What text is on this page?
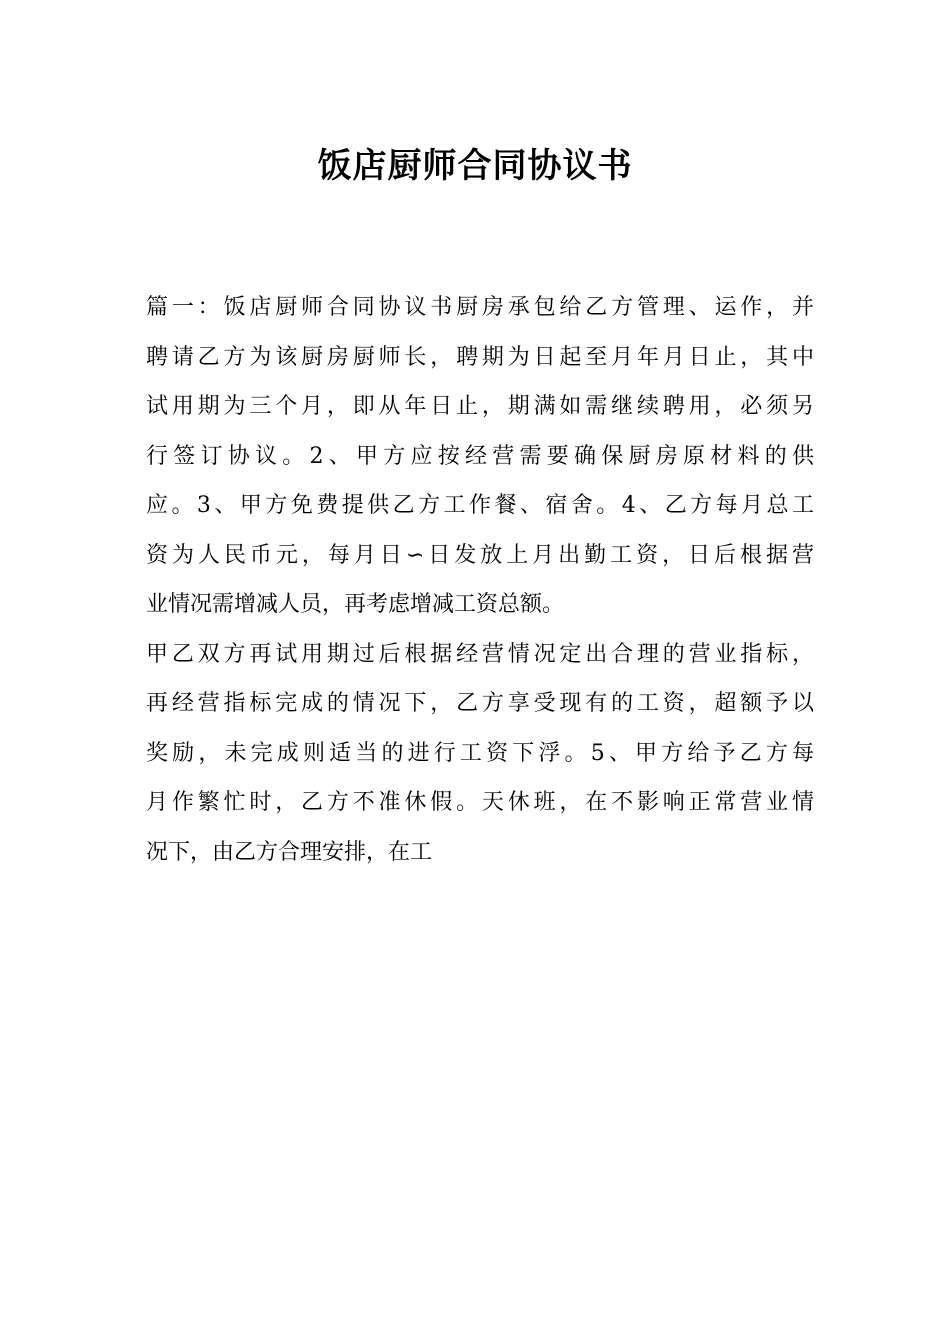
饭店厨师合同协议书
篇一：饭店厨师合同协议书厨房承包给乙方管理、运作，并
聘请乙方为该厨房厨师长，聘期为日起至月年月日止，其中
试用期为三个月，即从年日止，期满如需继续聘用，必须另
行签订协议。2、甲方应按经营需要确保厨房原材料的供
应。3、甲方免费提供乙方工作餐、宿舍。4、乙方每月总工
资为人民币元，每月日∽日发放上月出勤工资，日后根据营
业情况需增减人员，再考虑增减工资总额。
甲乙双方再试用期过后根据经营情况定出合理的营业指标，
再经营指标完成的情况下，乙方享受现有的工资，超额予以
奖励，未完成则适当的进行工资下浮。5、甲方给予乙方每
月作繁忙时，乙方不准休假。天休班，在不影响正常营业情
况下，由乙方合理安排，在工
